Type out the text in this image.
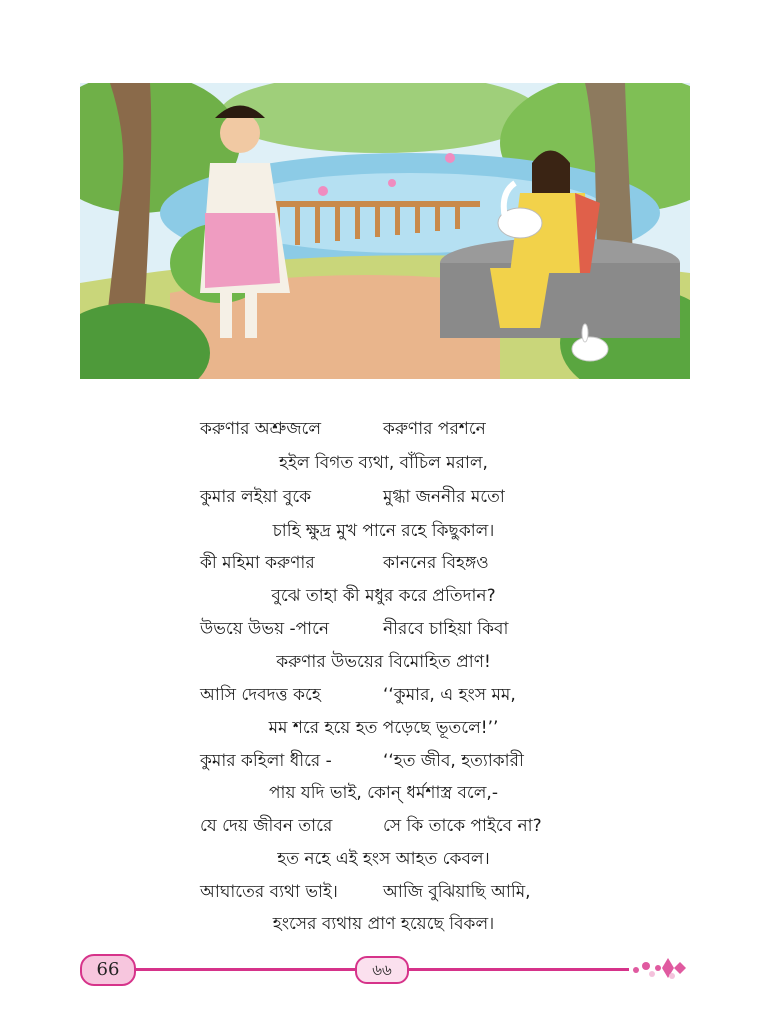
করুণার অশ্রুজলে	করুণার পরশনে
হইল বিগত ব্যথা, বাঁচিল মরাল,
কুমার লইয়া বুকে	মুগ্ধা জননীর মতো
চাহি ক্ষুদ্র মুখ পানে রহে কিছুকাল।
কী মহিমা করুণার	কাননের বিহঙ্গও
বুঝে তাহা কী মধুর করে প্রতিদান?
উভয়ে উভয় -পানে	নীরবে চাহিয়া কিবা
করুণার উভয়ের বিমোহিত প্রাণ!
আসি দেবদত্ত কহে	‘‘কুমার, এ হংস মম,
মম শরে হয়ে হত পড়েছে ভূতলে!’’
কুমার কহিলা ধীরে -	‘‘হত জীব, হত্যাকারী
পায় যদি ভাই, কোন্ ধর্মশাস্ত্র বলে,-
যে দেয় জীবন তারে	সে কি তাকে পাইবে না?
হত নহে এই হংস আহত কেবল।
আঘাতের ব্যথা ভাই।	আজি বুঝিয়াছি আমি,
হংসের ব্যথায় প্রাণ হয়েছে বিকল।
66	৬৬
